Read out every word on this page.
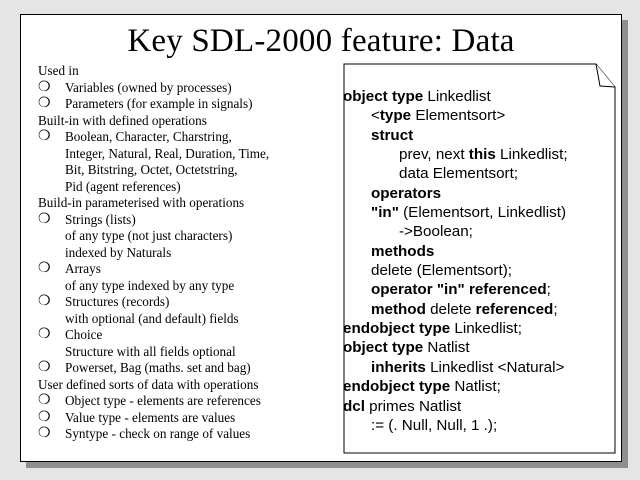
Key SDL-2000 feature: Data
Used in
❍ Variables (owned by processes)
❍ Parameters (for example in signals)
Built-in with defined operations
❍ Boolean, Character, Charstring,
Integer, Natural, Real, Duration, Time,
Bit, Bitstring, Octet, Octetstring,
Pid (agent references)
Build-in parameterised with operations
❍ Strings (lists)
of any type (not just characters)
indexed by Naturals
❍ Arrays
of any type indexed by any type
❍ Structures (records)
with optional (and default) fields
❍ Choice
Structure with all fields optional
❍ Powerset, Bag (maths. set and bag)
User defined sorts of data with operations
❍ Object type - elements are references
❍ Value type - elements are values
❍ Syntype - check on range of values
object type Linkedlist
<type Elementsort>
struct
prev, next this Linkedlist;
data Elementsort;
operators
"in" (Elementsort, Linkedlist)
->Boolean;
methods
delete (Elementsort);
operator "in" referenced;
method delete referenced;
endobject type Linkedlist;
object type Natlist
inherits Linkedlist <Natural>
endobject type Natlist;
dcl primes Natlist
:= (. Null, Null, 1 .);
